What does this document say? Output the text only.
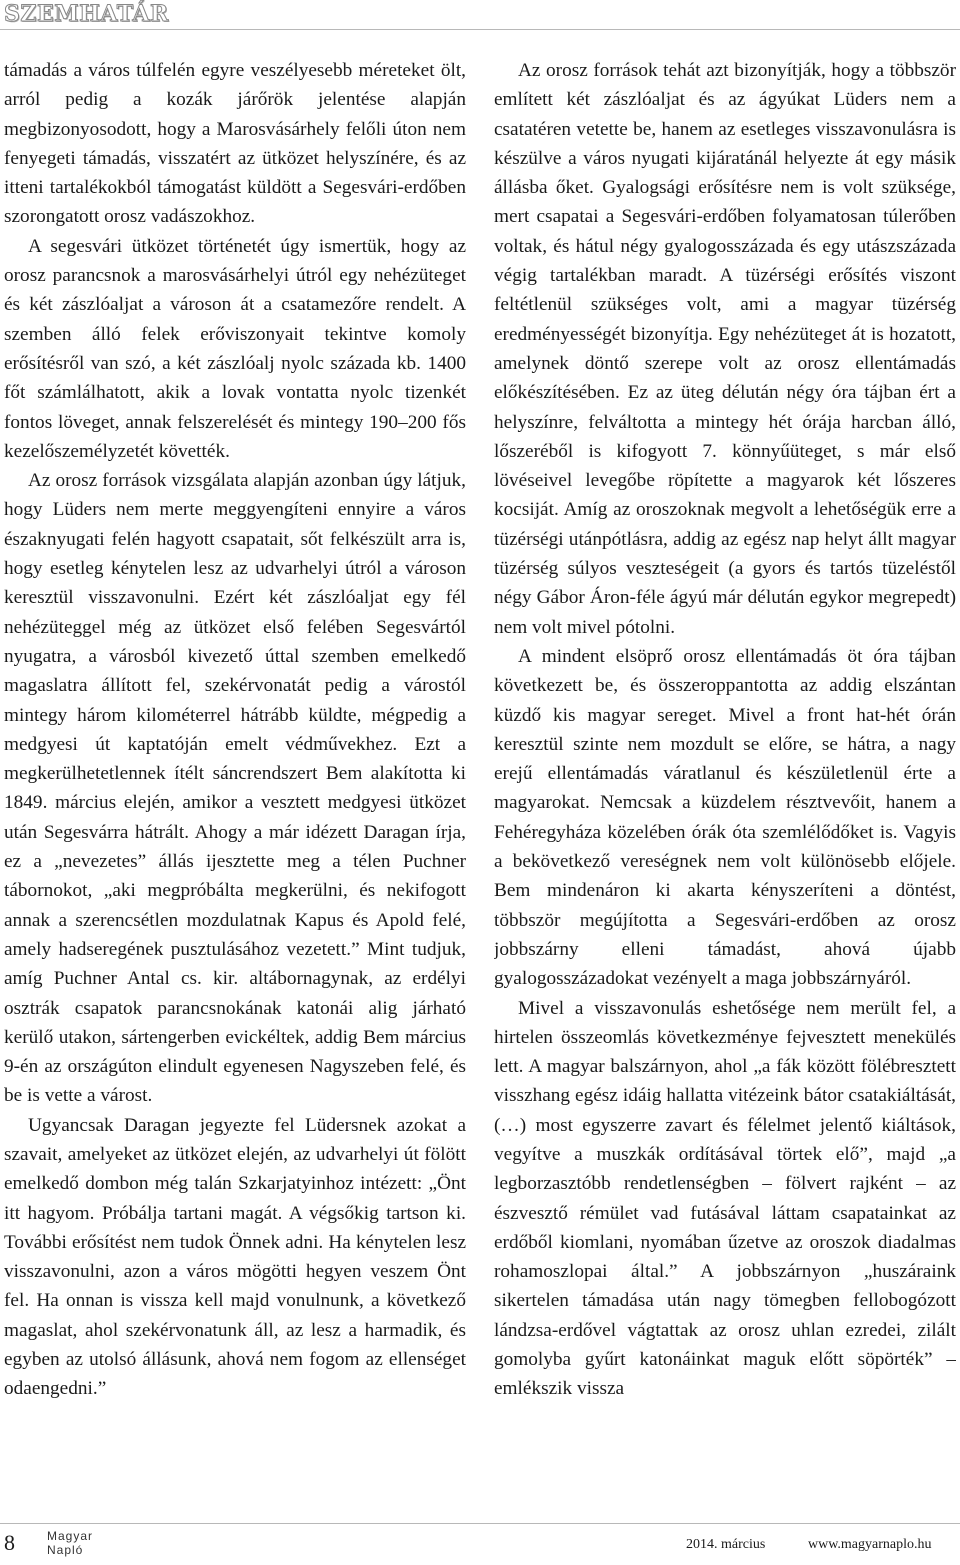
SZEMHATÁR

támadás a város túlfelén egyre veszélyesebb méreteket ölt, arról pedig a kozák járőrök jelentése alapján megbizonyosodott, hogy a Marosvásárhely felőli úton nem fenyegeti támadás, visszatért az ütközet helyszínére, és az itteni tartalékokból támogatást küldött a Segesvári-erdőben szorongatott orosz vadászokhoz.

A segesvári ütközet történetét úgy ismertük, hogy az orosz parancsnok a marosvásárhelyi útról egy nehézüteget és két zászlóaljat a városon át a csatamezőre rendelt. A szemben álló felek erőviszonyait tekintve komoly erősítésről van szó, a két zászlóalj nyolc százada kb. 1400 főt számlálhatott, akik a lovak vontatta nyolc tizenkét fontos löveget, annak felszerelését és mintegy 190–200 fős kezelőszemélyzetét követték.

Az orosz források vizsgálata alapján azonban úgy látjuk, hogy Lüders nem merte meggyengíteni ennyire a város északnyugati felén hagyott csapatait, sőt felkészült arra is, hogy esetleg kénytelen lesz az udvarhelyi útról a városon keresztül visszavonulni. Ezért két zászlóaljat egy fél nehézüteggel még az ütközet első felében Segesvártól nyugatra, a városból kivezető úttal szemben emelkedő magaslatra állított fel, szekérvonatát pedig a várostól mintegy három kilométerrel hátrább küldte, mégpedig a medgyesi út kaptatóján emelt védművekhez. Ezt a megkerülhetetlennek ítélt sáncrendszert Bem alakította ki 1849. március elején, amikor a vesztett medgyesi ütközet után Segesvárra hátrált. Ahogy a már idézett Daragan írja, ez a „nevezetes” állás ijesztette meg a télen Puchner tábornokot, „aki megpróbálta megkerülni, és nekifogott annak a szerencsétlen mozdulatnak Kapus és Apold felé, amely hadseregének pusztulásához vezetett.” Mint tudjuk, amíg Puchner Antal cs. kir. altábornagynak, az erdélyi osztrák csapatok parancsnokának katonái alig járható kerülő utakon, sártengerben evickéltek, addig Bem március 9-én az országúton elindult egyenesen Nagyszeben felé, és be is vette a várost.

Ugyancsak Daragan jegyezte fel Lüdersnek azokat a szavait, amelyeket az ütközet elején, az udvarhelyi út fölött emelkedő dombon még talán Szkarjatyinhoz intézett: „Önt itt hagyom. Próbálja tartani magát. A végsőkig tartson ki. További erősítést nem tudok Önnek adni. Ha kénytelen lesz visszavonulni, azon a város mögötti hegyen veszem Önt fel. Ha onnan is vissza kell majd vonulnunk, a következő magaslat, ahol szekérvonatunk áll, az lesz a harmadik, és egyben az utolsó állásunk, ahová nem fogom az ellenséget odaengedni.”

Az orosz források tehát azt bizonyítják, hogy a többször említett két zászlóaljat és az ágyúkat Lüders nem a csatatéren vetette be, hanem az esetleges visszavonulásra is készülve a város nyugati kijáratánál helyezte át egy másik állásba őket. Gyalogsági erősítésre nem is volt szüksége, mert csapatai a Segesvári-erdőben folyamatosan túlerőben voltak, és hátul négy gyalogosszázada és egy utászszázada végig tartalékban maradt. A tüzérségi erősítés viszont feltétlenül szükséges volt, ami a magyar tüzérség eredményességét bizonyítja. Egy nehézüteget át is hozatott, amelynek döntő szerepe volt az orosz ellentámadás előkészítésében. Ez az üteg délután négy óra tájban ért a helyszínre, felváltotta a mintegy hét órája harcban álló, lőszeréből is kifogyott 7. könnyűüteget, s már első lövéseivel levegőbe röpítette a magyarok két lőszeres kocsiját. Amíg az oroszoknak megvolt a lehetőségük erre a tüzérségi utánpótlásra, addig az egész nap helyt állt magyar tüzérség súlyos veszteségeit (a gyors és tartós tüzeléstől négy Gábor Áron-féle ágyú már délután egykor megrepedt) nem volt mivel pótolni.

A mindent elsöprő orosz ellentámadás öt óra tájban következett be, és összeroppantotta az addig elszántan küzdő kis magyar sereget. Mivel a front hat-hét órán keresztül szinte nem mozdult se előre, se hátra, a nagy erejű ellentámadás váratlanul és készületlenül érte a magyarokat. Nemcsak a küzdelem résztvevőit, hanem a Fehéregyháza közelében órák óta szemlélődőket is. Vagyis a bekövetkező vereségnek nem volt különösebb előjele. Bem mindenáron ki akarta kényszeríteni a döntést, többször megújította a Segesvári-erdőben az orosz jobbszárny elleni támadást, ahová újabb gyalogosszázadokat vezényelt a maga jobbszárnyáról.

Mivel a visszavonulás eshetősége nem merült fel, a hirtelen összeomlás következménye fejvesztett menekülés lett. A magyar balszárnyon, ahol „a fák között fölébresztett visszhang egész idáig hallatta vitézeink bátor csatakiáltását, (…) most egyszerre zavart és félelmet jelentő kiáltások, vegyítve a muszkák ordításával törtek elő”, majd „a legborzasztóbb rendetlenségben – fölvert rajként – az észvesztő rémület vad futásával láttam csapatainkat az erdőből kiomlani, nyomában űzetve az oroszok diadalmas rohamoszlopai által.” A jobbszárnyon „huszáraink sikertelen támadása után nagy tömegben fellobogózott lándzsa-erdővel vágtattak az orosz uhlan ezredei, zilált gomolyba gyűrt katonáinkat maguk előtt söpörték” – emlékszik vissza

8	Magyar
Napló	2014. március	www.magyarnaplo.hu
